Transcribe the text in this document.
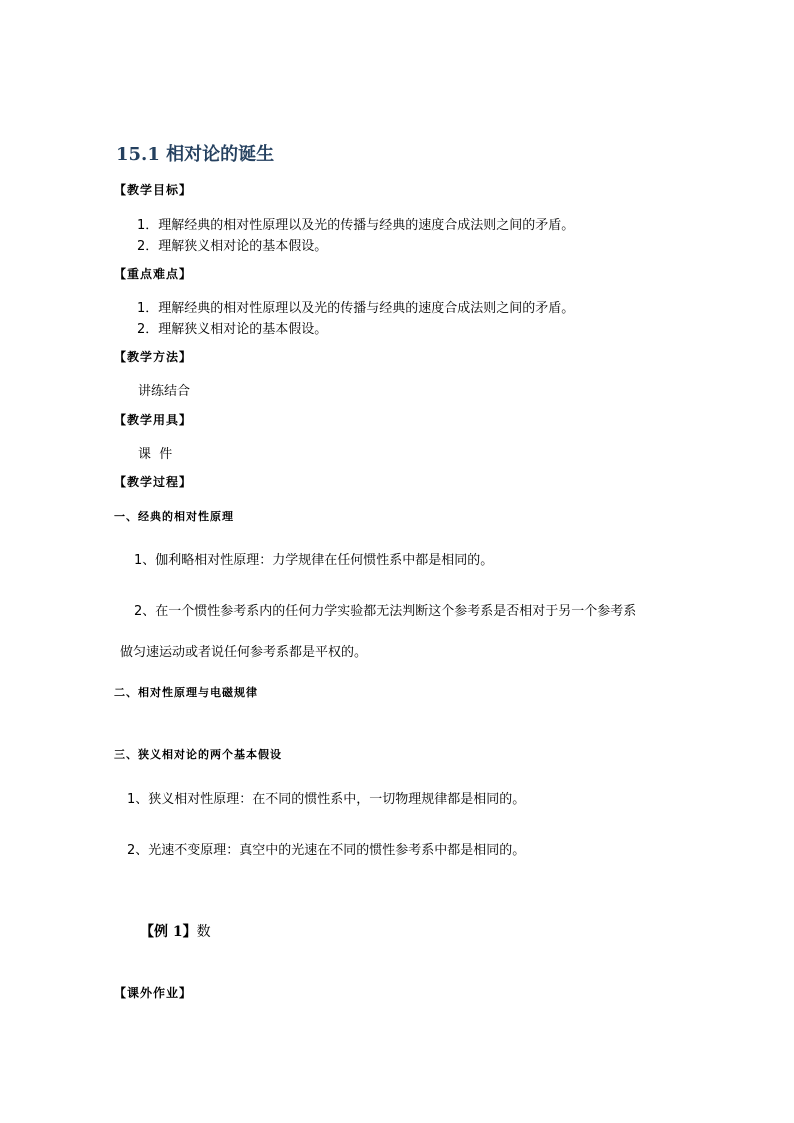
15.1 相对论的诞生
【教学目标】
1．理解经典的相对性原理以及光的传播与经典的速度合成法则之间的矛盾。
2．理解狭义相对论的基本假设。
【重点难点】
1．理解经典的相对性原理以及光的传播与经典的速度合成法则之间的矛盾。
2．理解狭义相对论的基本假设。
【教学方法】
讲练结合
【教学用具】
课  件
【教学过程】
一、经典的相对性原理
1、伽利略相对性原理：力学规律在任何惯性系中都是相同的。
2、在一个惯性参考系内的任何力学实验都无法判断这个参考系是否相对于另一个参考系
做匀速运动或者说任何参考系都是平权的。
二、相对性原理与电磁规律
三、狭义相对论的两个基本假设
1、狭义相对性原理：在不同的惯性系中，一切物理规律都是相同的。
2、光速不变原理：真空中的光速在不同的惯性参考系中都是相同的。
【例 1】数
【课外作业】
